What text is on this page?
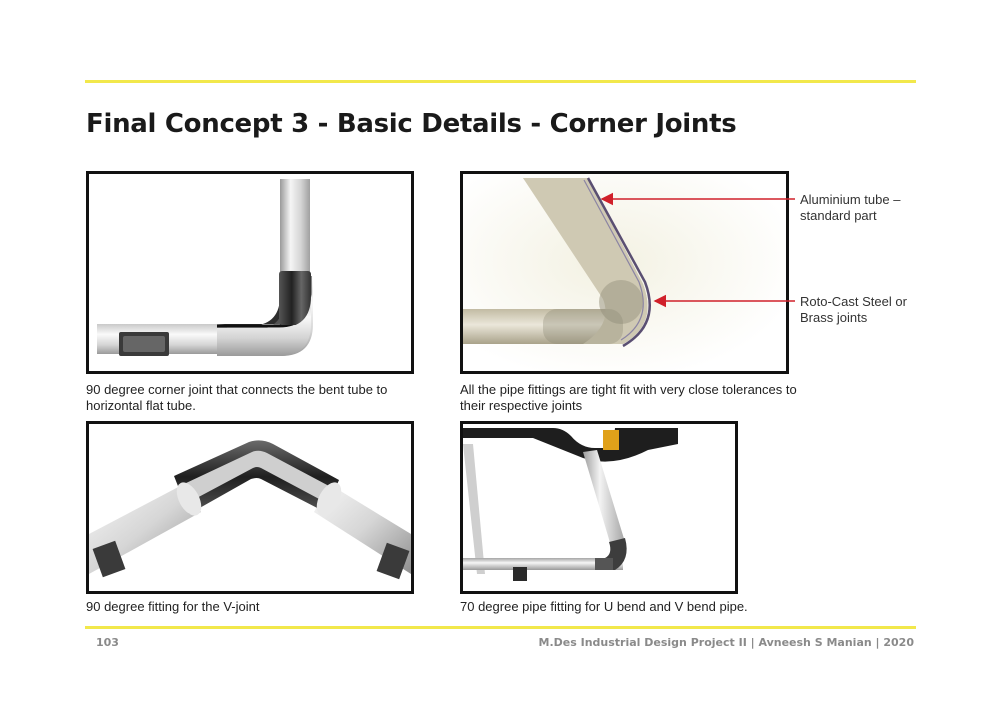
Final Concept 3 - Basic Details - Corner Joints

Aluminium tube – standard part

Roto-Cast Steel or Brass joints

90 degree corner joint that connects the bent tube to horizontal flat tube.

All the pipe fittings are tight fit with very close tolerances to their respective joints

90 degree fitting for the V-joint	70 degree pipe fitting for U bend and V bend pipe.

103	M.Des Industrial Design Project II | Avneesh S Manian | 2020
